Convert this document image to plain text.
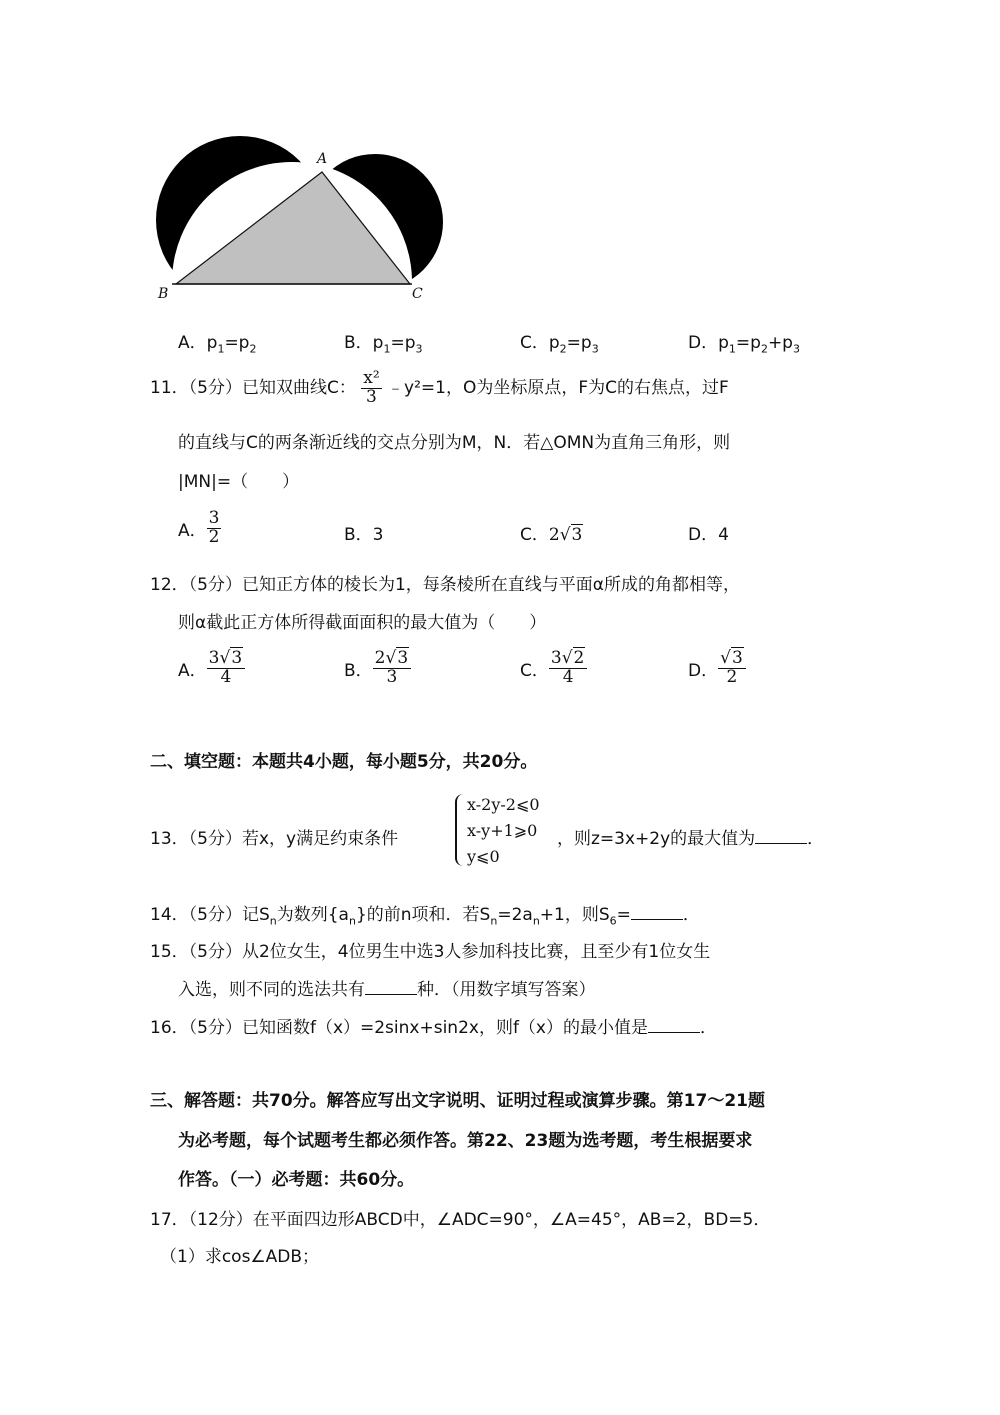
A
B	C
A．$p_1=p_2$	B．$p_1=p_3$	C．$p_2=p_3$	D．$p_1=p_2+p_3$
11．（5分）已知双曲线C： $\frac{\text{x²}}{3}$ ﹣y²=1，O为坐标原点，F为C的右焦点，过F
的直线与C的两条渐近线的交点分别为M，N．若△OMN为直角三角形，则
|MN|=（　　）
A． $\frac{3}{2}$	B．3	C．2√3	D．4
12．（5分）已知正方体的棱长为1，每条棱所在直线与平面α所成的角都相等，
则α截此正方体所得截面面积的最大值为（　　）
A． $\frac{3√3}{4}$	B． $\frac{2√3}{3}$	C． $\frac{3√2}{4}$	D． $\frac{√3}{2}$
二、填空题：本题共4小题，每小题5分，共20分。
13．（5分）若x，y满足约束条件
x-2y-2⩽0
x-y+1⩾0
y⩽0
，则z=3x+2y的最大值为	．
14．（5分）记$S_n$为数列$\{a_n\}$的前n项和．若$S_n=2a_n+1$，则$S_6=$	．
15．（5分）从2位女生，4位男生中选3人参加科技比赛，且至少有1位女生
入选，则不同的选法共有	种．（用数字填写答案）
16．（5分）已知函数f（x）=2sinx+sin2x，则f（x）的最小值是	．
三、解答题：共70分。解答应写出文字说明、证明过程或演算步骤。第17～21题
为必考题，每个试题考生都必须作答。第22、23题为选考题，考生根据要求
作答。（一）必考题：共60分。
17．（12分）在平面四边形ABCD中，∠ADC=90°，∠A=45°，AB=2，BD=5．
（1）求cos∠ADB；
